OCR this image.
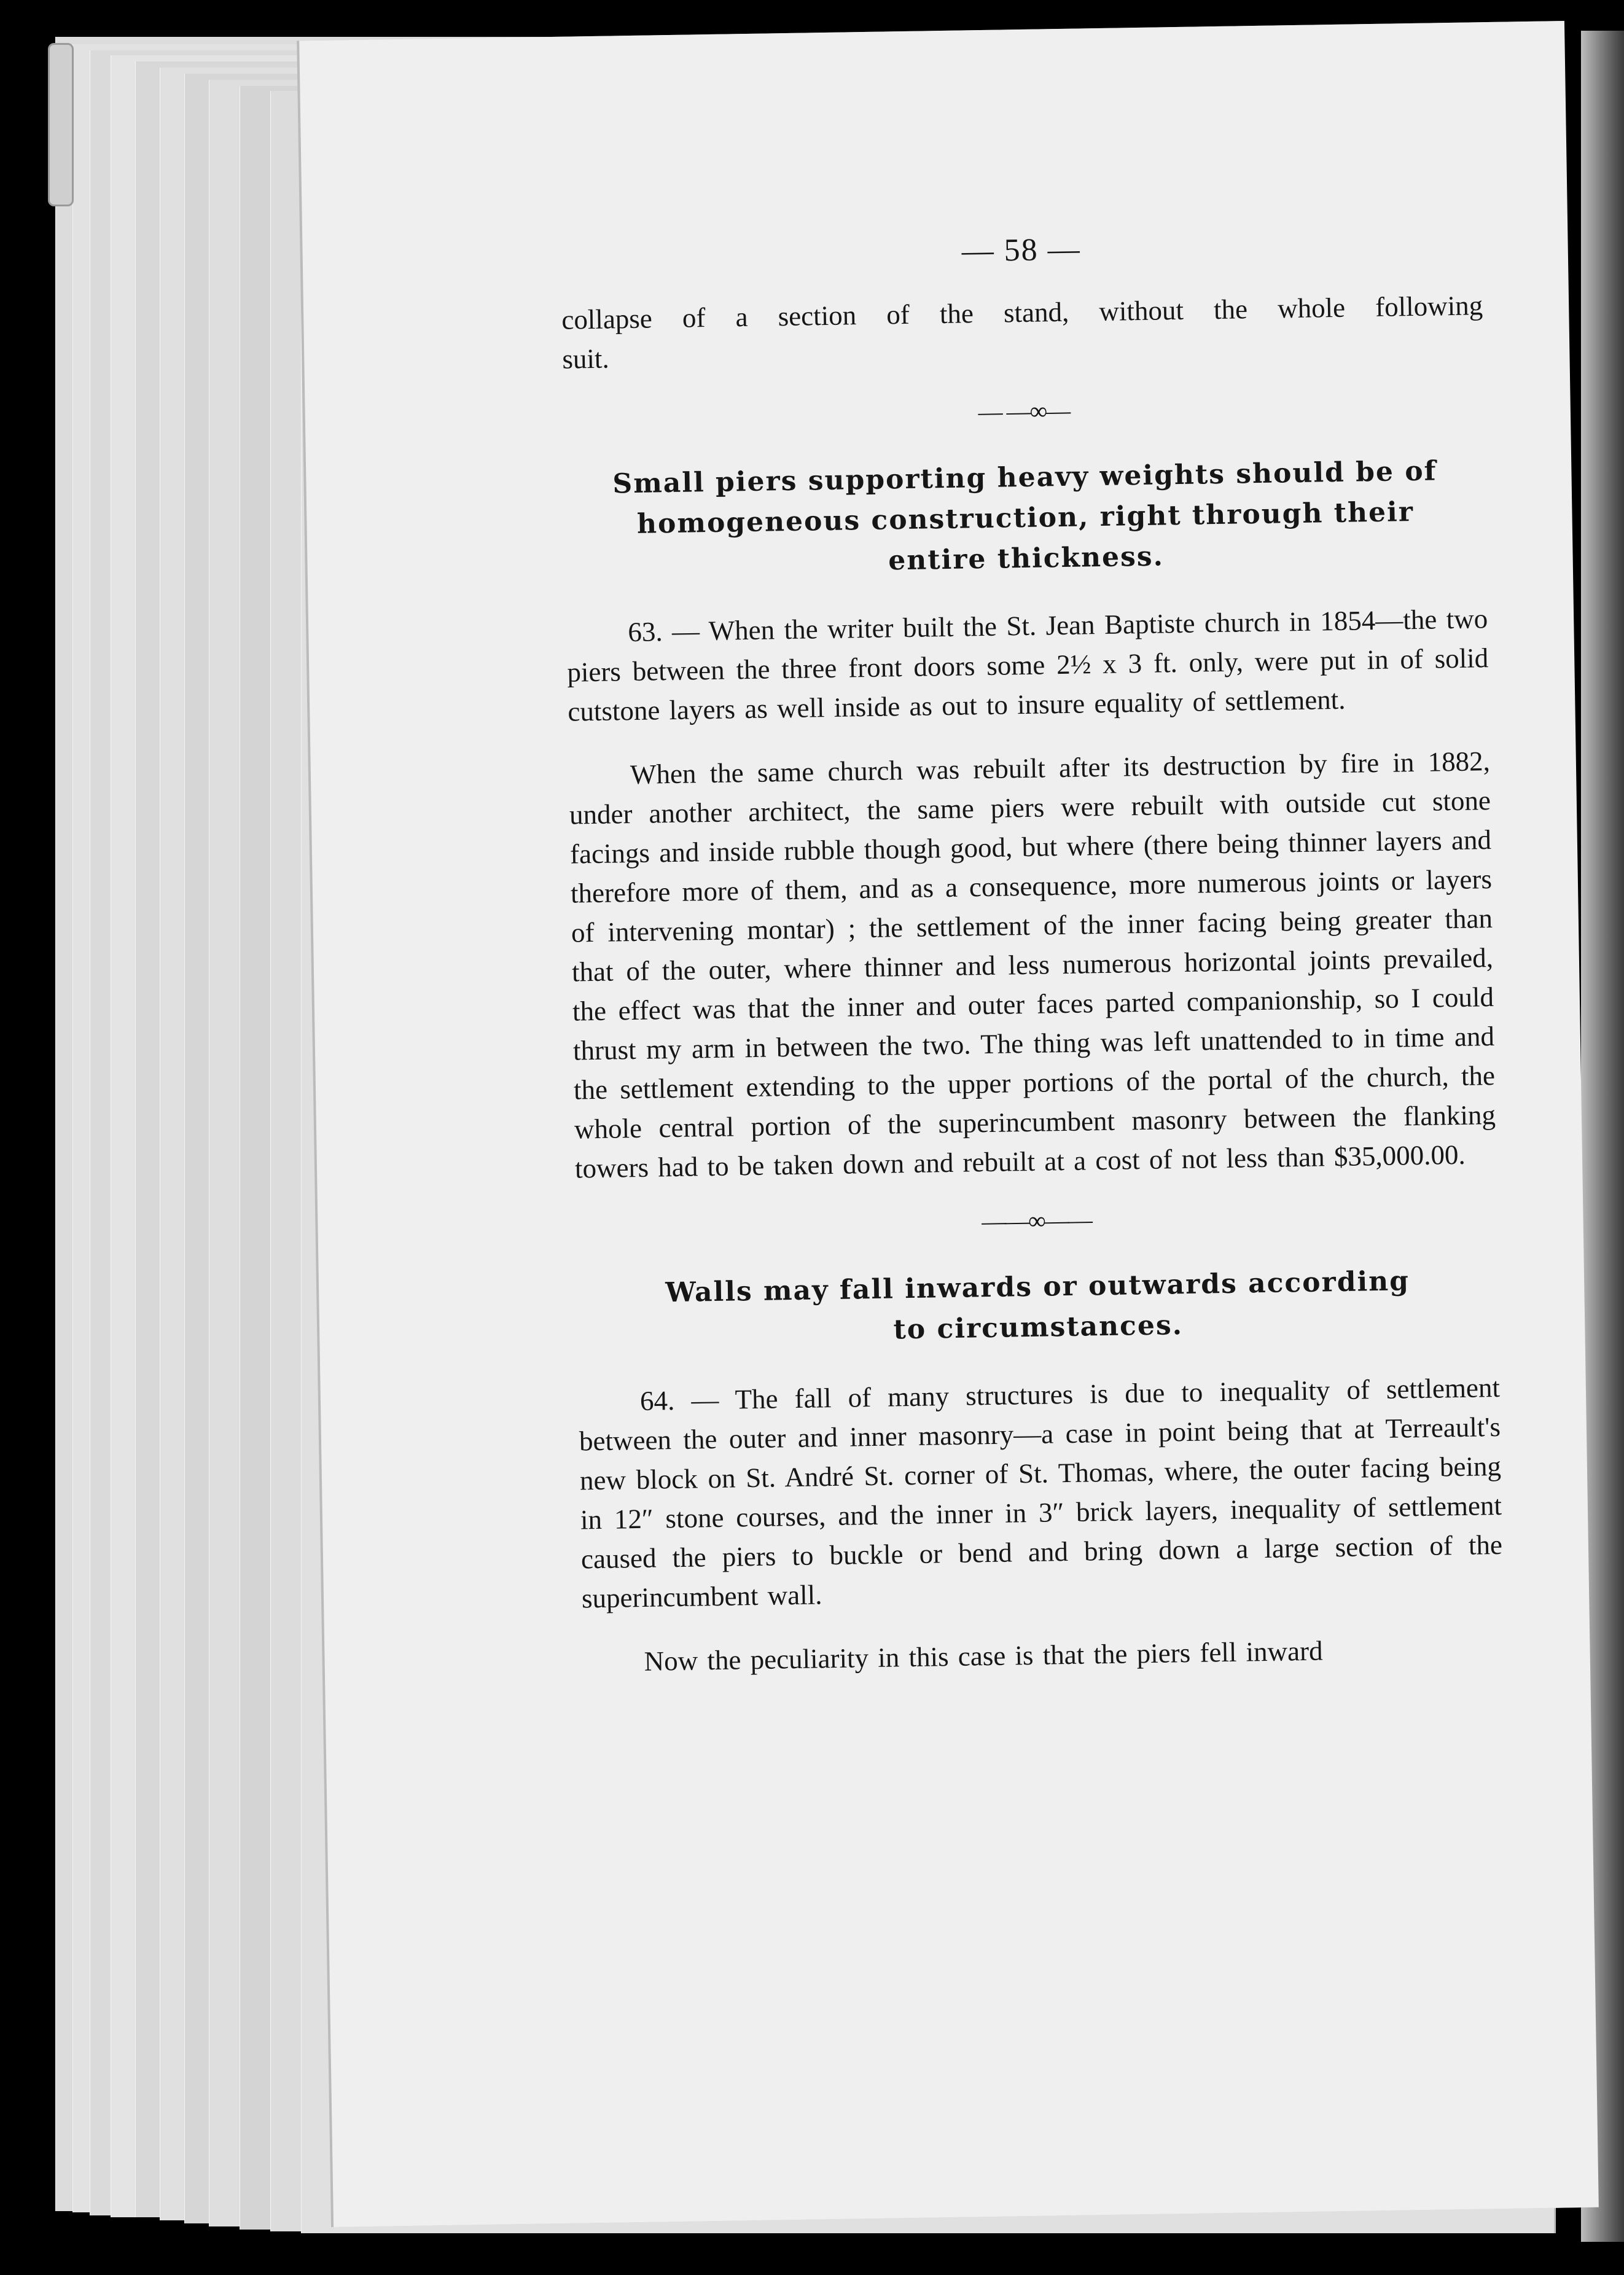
— 58 —

collapse of a section of the stand, without the whole following

suit.

— —∞—
Small piers supporting heavy weights should be of
homogeneous construction, right through their
entire thickness.

63. — When the writer built the St. Jean Baptiste church in 1854—the two piers between the three front doors some 2½ x 3 ft. only, were put in of solid cutstone layers as well inside as out to insure equality of settlement.

When the same church was rebuilt after its destruction by fire in 1882, under another architect, the same piers were rebuilt with outside cut stone facings and inside rubble though good, but where (there being thinner layers and therefore more of them, and as a consequence, more numerous joints or layers of intervening montar) ; the settlement of the inner facing being greater than that of the outer, where thinner and less numerous horizontal joints prevailed, the effect was that the inner and outer faces parted companionship, so I could thrust my arm in between the two. The thing was left unattended to in time and the settlement extending to the upper portions of the portal of the church, the whole central portion of the superincumbent masonry between the flanking towers had to be taken down and rebuilt at a cost of not less than $35,000.00.

——∞——
Walls may fall inwards or outwards according
to circumstances.

64. — The fall of many structures is due to inequality of settlement between the outer and inner masonry—a case in point being that at Terreault's new block on St. André St. corner of St. Thomas, where, the outer facing being in 12″ stone courses, and the inner in 3″ brick layers, inequality of settlement caused the piers to buckle or bend and bring down a large section of the superincumbent wall.

Now the peculiarity in this case is that the piers fell inward
